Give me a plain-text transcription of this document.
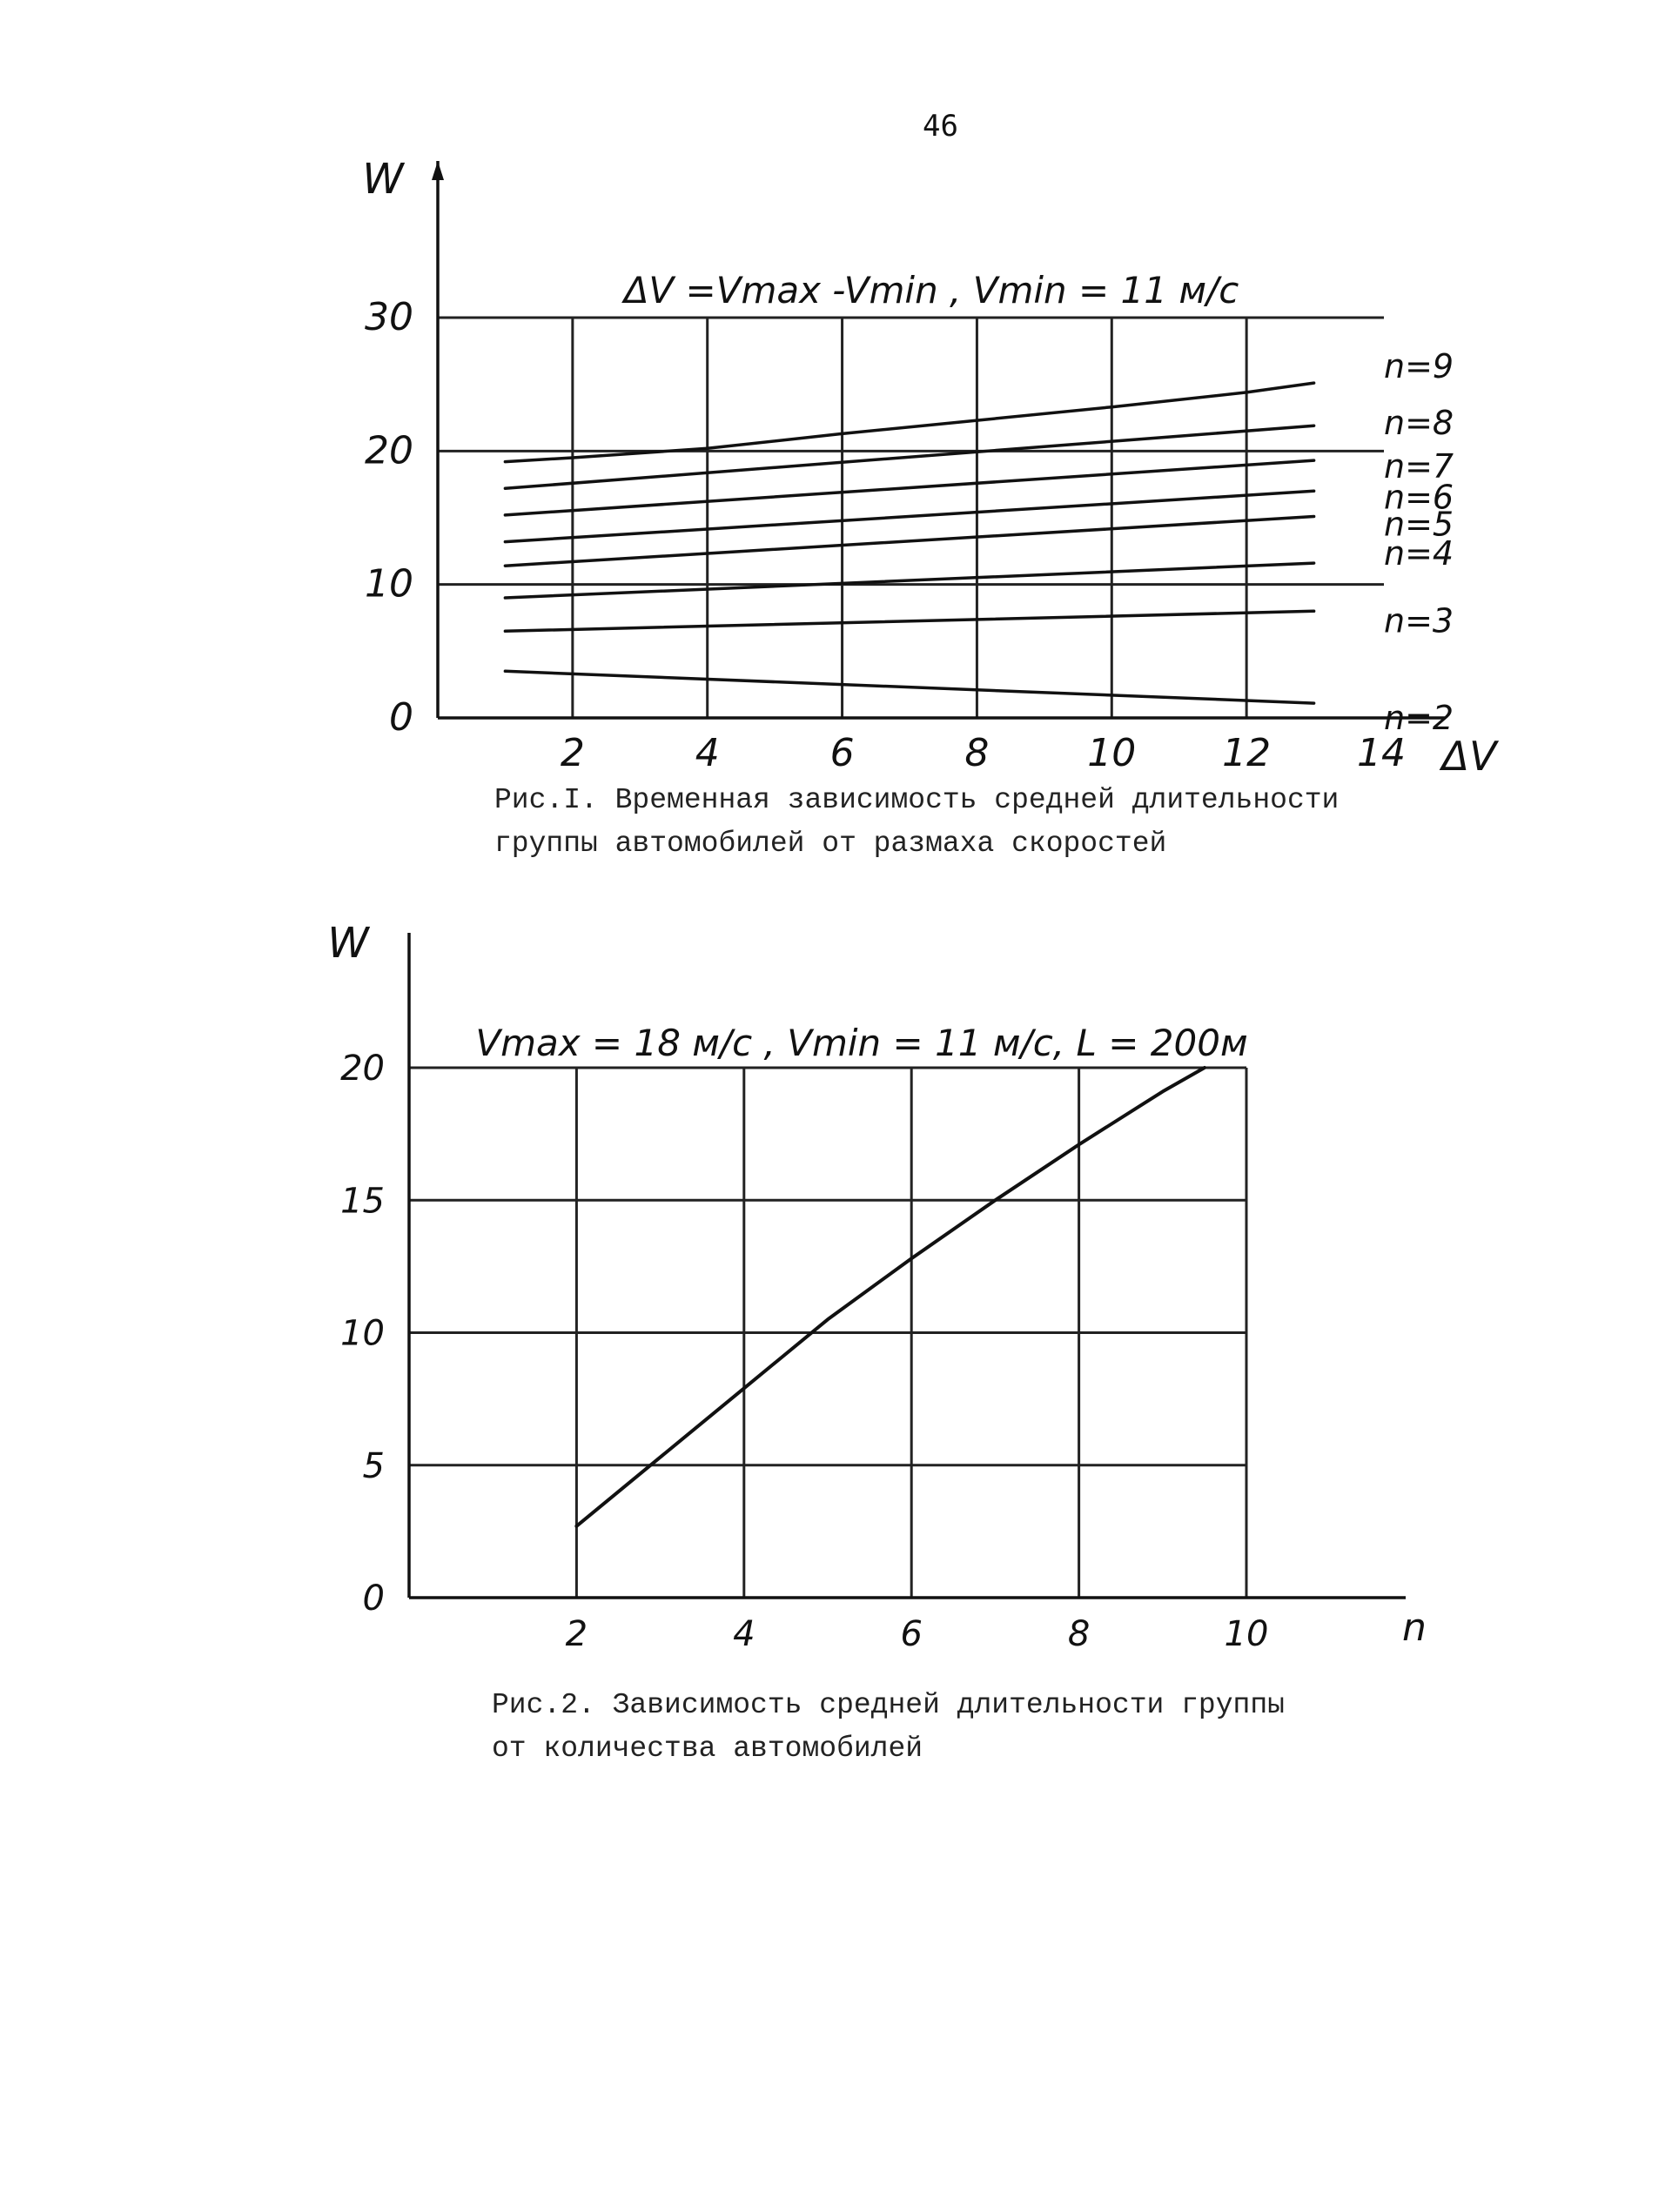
46
2	4	6	8	10 12 14
0
10
20
30
n=9
n=8
n=7
n=6
n=5
n=4
n=3
n=2
ΔV =Vmax -Vmin , Vmin = 11 м/с
W
ΔV
2	4	6	8	10
0
5
10
15
20
Vmax = 18 м/с , Vmin = 11 м/с, L = 200м
W
n
Рис.I. Временная зависимость средней длительности
группы автомобилей от размаха скоростей
Рис.2. Зависимость средней длительности группы
от количества автомобилей
